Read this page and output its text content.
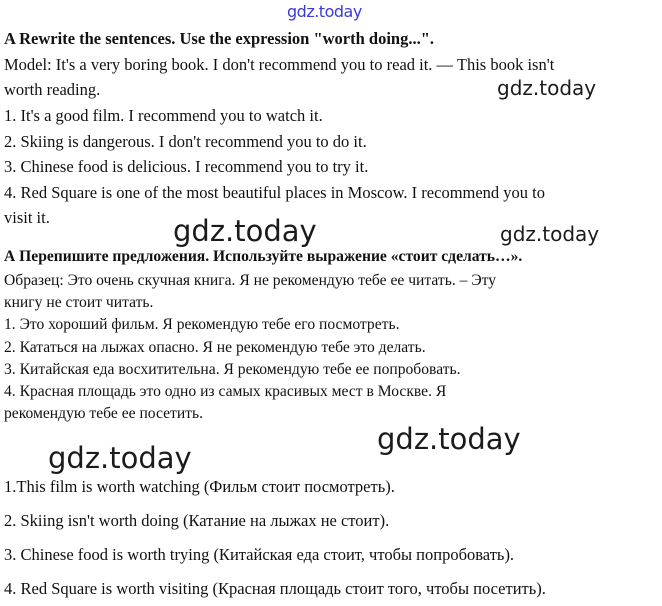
gdz.today
gdz.today
gdz.today	gdz.today
gdz.today
gdz.today
A Rewrite the sentences. Use the expression "worth doing...".
Model: It's a very boring book. I don't recommend you to read it. — This book isn't
worth reading.
1. It's a good film. I recommend you to watch it.
2. Skiing is dangerous. I don't recommend you to do it.
3. Chinese food is delicious. I recommend you to try it.
4. Red Square is one of the most beautiful places in Moscow. I recommend you to
visit it.
А Перепишите предложения. Используйте выражение «стоит сделать…».
Образец: Это очень скучная книга. Я не рекомендую тебе ее читать. – Эту
книгу не стоит читать.
1. Это хороший фильм. Я рекомендую тебе его посмотреть.
2. Кататься на лыжах опасно. Я не рекомендую тебе это делать.
3. Китайская еда восхитительна. Я рекомендую тебе ее попробовать.
4. Красная площадь это одно из самых красивых мест в Москве. Я
рекомендую тебе ее посетить.
1.This film is worth watching (Фильм стоит посмотреть).
2. Skiing isn't worth doing (Катание на лыжах не стоит).
3. Chinese food is worth trying (Китайская еда стоит, чтобы попробовать).
4. Red Square is worth visiting (Красная площадь стоит того, чтобы посетить).
